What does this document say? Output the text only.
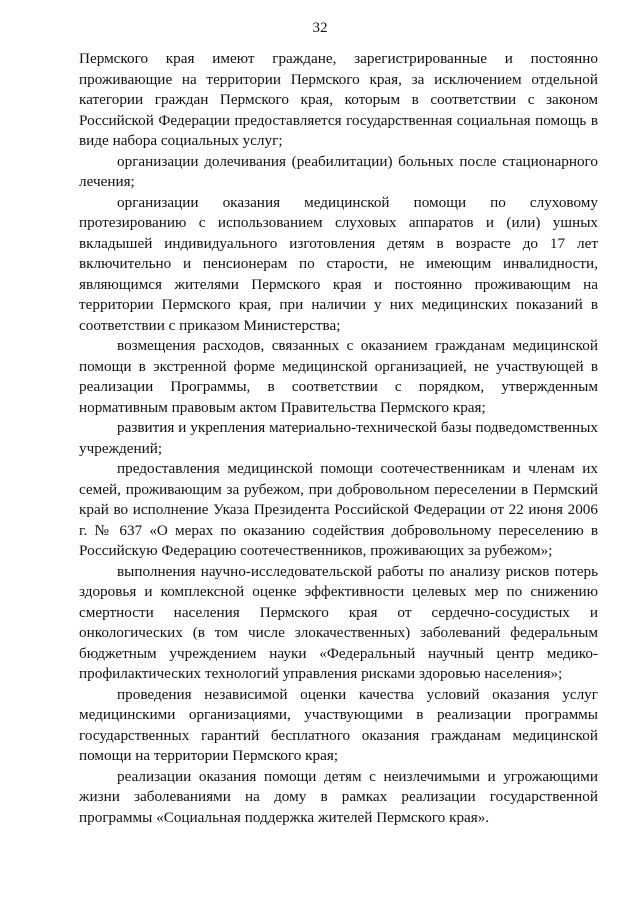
32

Пермского края имеют граждане, зарегистрированные и постоянно проживающие на территории Пермского края, за исключением отдельной категории граждан Пермского края, которым в соответствии с законом Российской Федерации предоставляется государственная социальная помощь в виде набора социальных услуг;

организации долечивания (реабилитации) больных после стационарного лечения;

организации оказания медицинской помощи по слуховому протезированию с использованием слуховых аппаратов и (или) ушных вкладышей индивидуального изготовления детям в возрасте до 17 лет включительно и пенсионерам по старости, не имеющим инвалидности, являющимся жителями Пермского края и постоянно проживающим на территории Пермского края, при наличии у них медицинских показаний в соответствии с приказом Министерства;

возмещения расходов, связанных с оказанием гражданам медицинской помощи в экстренной форме медицинской организацией, не участвующей в реализации Программы, в соответствии с порядком, утвержденным нормативным правовым актом Правительства Пермского края;

развития и укрепления материально-технической базы подведомственных учреждений;

предоставления медицинской помощи соотечественникам и членам их семей, проживающим за рубежом, при добровольном переселении в Пермский край во исполнение Указа Президента Российской Федерации от 22 июня 2006 г. № 637 «О мерах по оказанию содействия добровольному переселению в Российскую Федерацию соотечественников, проживающих за рубежом»;

выполнения научно-исследовательской работы по анализу рисков потерь здоровья и комплексной оценке эффективности целевых мер по снижению смертности населения Пермского края от сердечно-сосудистых и онкологических (в том числе злокачественных) заболеваний федеральным бюджетным учреждением науки «Федеральный научный центр медико-профилактических технологий управления рисками здоровью населения»;

проведения независимой оценки качества условий оказания услуг медицинскими организациями, участвующими в реализации программы государственных гарантий бесплатного оказания гражданам медицинской помощи на территории Пермского края;

реализации оказания помощи детям с неизлечимыми и угрожающими жизни заболеваниями на дому в рамках реализации государственной программы «Социальная поддержка жителей Пермского края».
